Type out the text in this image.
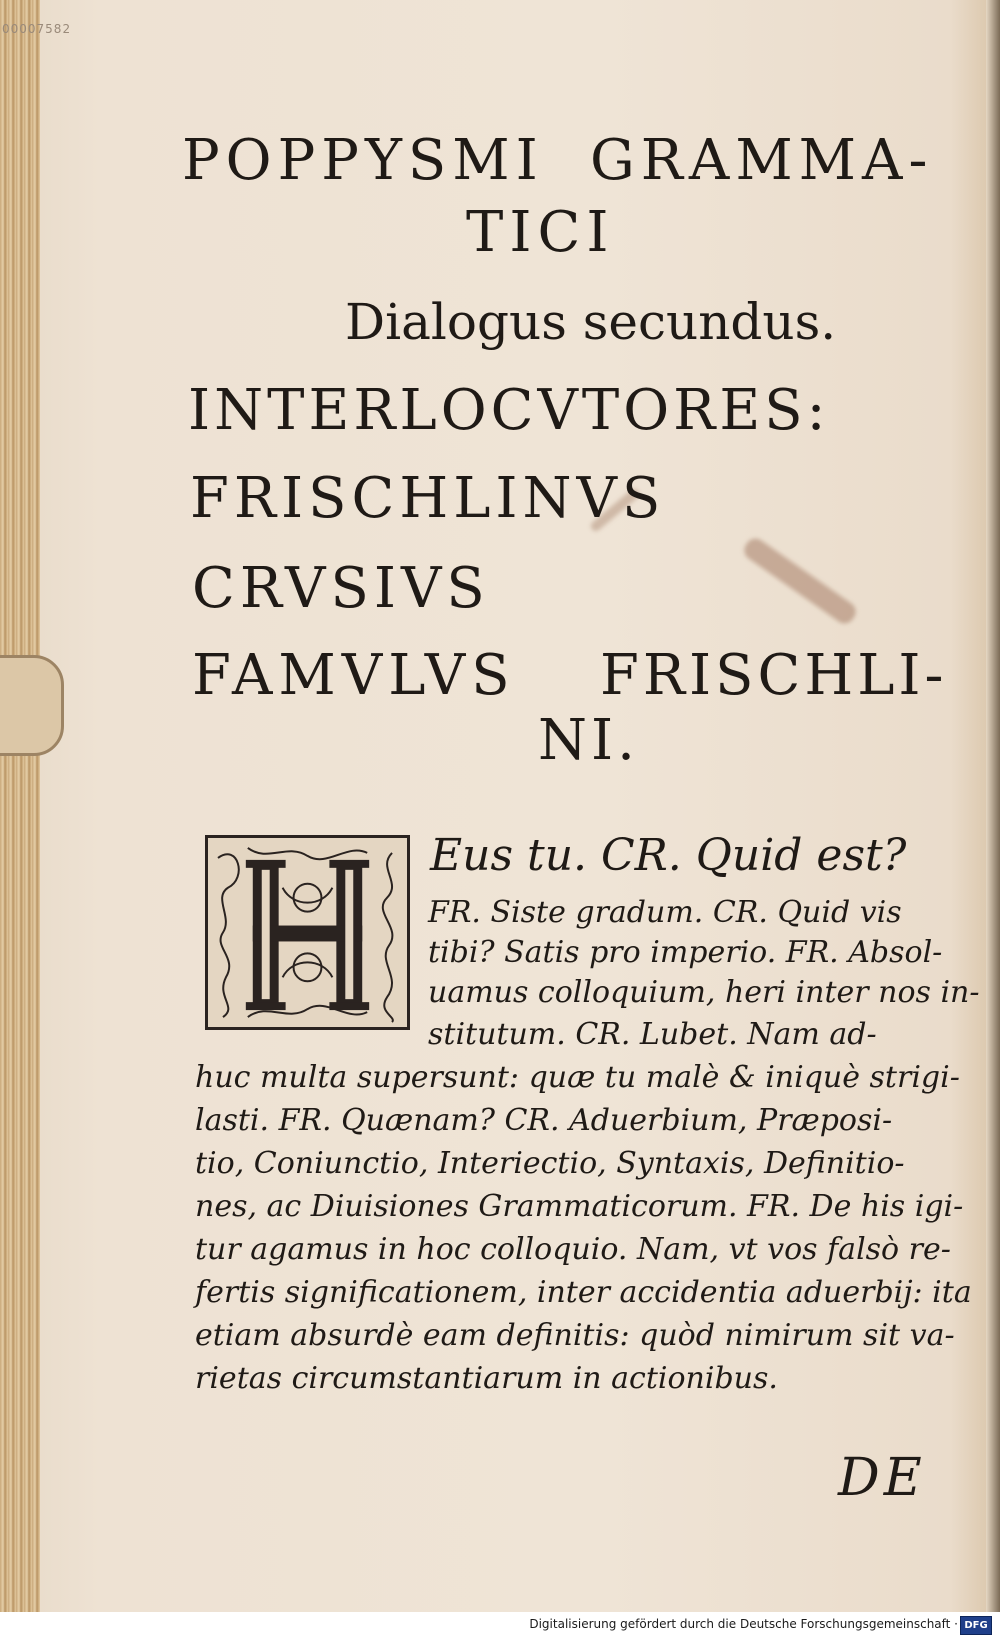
00007582
POPPYSMI GRAMMA-
TICI
Dialogus secundus.
INTERLOCVTORES:
FRISCHLINVS
CRVSIVS
FAMVLVS FRISCHLI-
NI.
Eus tu. CR. Quid est?
FR. Siste gradum. CR. Quid vis
tibi? Satis pro imperio. FR. Absol-
uamus colloquium, heri inter nos in-
stitutum. CR. Lubet. Nam ad-
huc multa supersunt: quæ tu malè & iniquè strigi-
lasti. FR. Quænam? CR. Aduerbium, Præposi-
tio, Coniunctio, Interiectio, Syntaxis, Definitio-
nes, ac Diuisiones Grammaticorum. FR. De his igi-
tur agamus in hoc colloquio. Nam, vt vos falsò re-
fertis significationem, inter accidentia aduerbij: ita
etiam absurdè eam definitis: quòd nimirum sit va-
rietas circumstantiarum in actionibus.
DE
Digitalisierung gefördert durch die Deutsche Forschungsgemeinschaft · DFG
